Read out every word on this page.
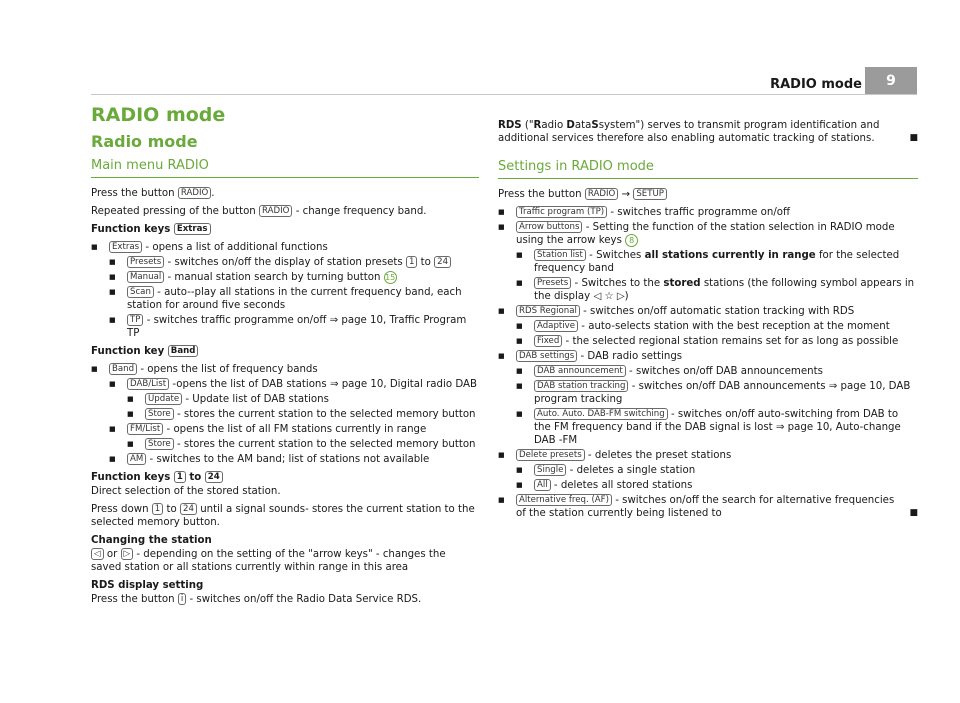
RADIO mode	9
RADIO mode
Radio mode
Main menu RADIO

Press the button RADIO .

Repeated pressing of the button RADIO - change frequency band.

Function keys Extras

■ Extras - opens a list of additional functions
■ Presets - switches on/off the display of station presets 1 to 24
■ Manual - manual station search by turning button 15
■ Scan - auto--play all stations in the current frequency band, each station for around five seconds
■ TP - switches traffic programme on/off ⇒ page 10, Traffic Program TP

Function key Band

■ Band - opens the list of frequency bands
■ DAB/List -opens the list of DAB stations ⇒ page 10, Digital radio DAB
■ Update - Update list of DAB stations
■ Store - stores the current station to the selected memory button
■ FM/List - opens the list of all FM stations currently in range
■ Store - stores the current station to the selected memory button
■ AM - switches to the AM band; list of stations not available

Function keys 1 to 24

Direct selection of the stored station.

Press down 1 to 24 until a signal sounds- stores the current station to the selected memory button.

Changing the station

◁ or ▷ - depending on the setting of the "arrow keys" - changes the saved station or all stations currently within range in this area

RDS display setting

Press the button i - switches on/off the Radio Data Service RDS.

RDS ("Radio DataSsystem") serves to transmit program identification and additional services therefore also enabling automatic tracking of stations.	■

Settings in RADIO mode

Press the button RADIO → SETUP

■ Traffic program (TP) - switches traffic programme on/off
■ Arrow buttons - Setting the function of the station selection in RADIO mode using the arrow keys 8
■ Station list - Switches all stations currently in range for the selected frequency band
■ Presets - Switches to the stored stations (the following symbol appears in the display ◁ ☆ ▷)
■ RDS Regional - switches on/off automatic station tracking with RDS
■ Adaptive - auto-selects station with the best reception at the moment
■ Fixed - the selected regional station remains set for as long as possible
■ DAB settings - DAB radio settings
■ DAB announcement - switches on/off DAB announcements
■ DAB station tracking - switches on/off DAB announcements ⇒ page 10, DAB program tracking
■ Auto. Auto. DAB-FM switching - switches on/off auto-switching from DAB to the FM frequency band if the DAB signal is lost ⇒ page 10, Auto-change DAB -FM
■ Delete presets - deletes the preset stations
■ Single - deletes a single station
■ All - deletes all stored stations
■ Alternative freq. (AF) - switches on/off the search for alternative frequencies of the station currently being listened to	■
